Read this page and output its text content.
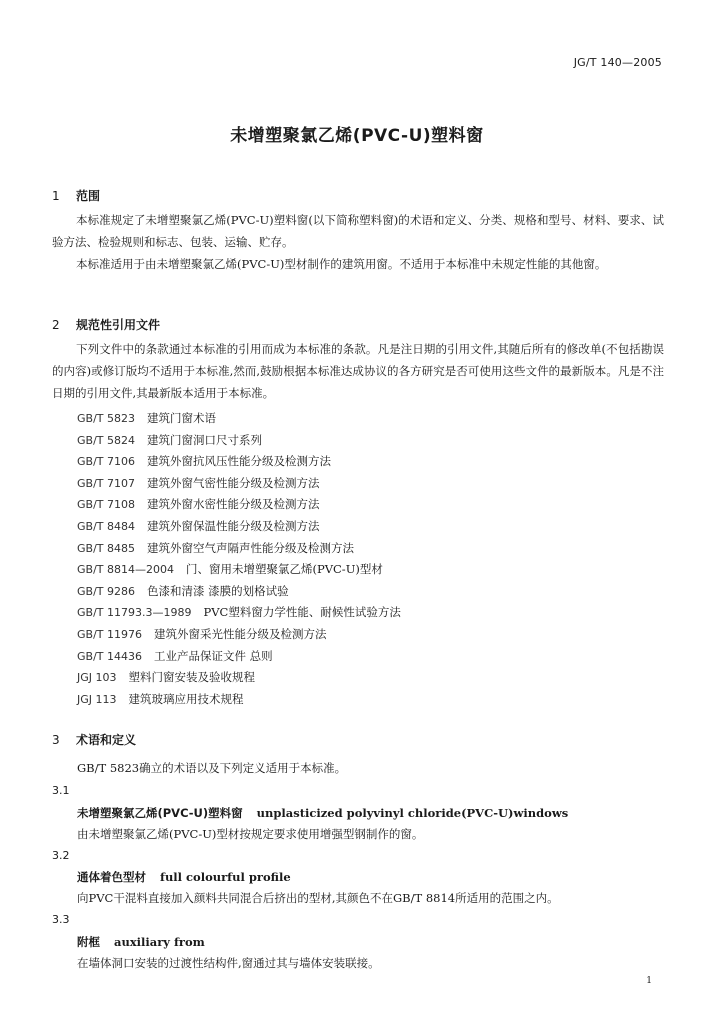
JG/T 140—2005
未增塑聚氯乙烯(PVC-U)塑料窗
1 范围
本标准规定了未增塑聚氯乙烯(PVC-U)塑料窗(以下简称塑料窗)的术语和定义、分类、规格和型号、材料、要求、试验方法、检验规则和标志、包装、运输、贮存。
本标准适用于由未增塑聚氯乙烯(PVC-U)型材制作的建筑用窗。不适用于本标准中未规定性能的其他窗。
2 规范性引用文件
下列文件中的条款通过本标准的引用而成为本标准的条款。凡是注日期的引用文件,其随后所有的修改单(不包括勘误的内容)或修订版均不适用于本标准,然而,鼓励根据本标准达成协议的各方研究是否可使用这些文件的最新版本。凡是不注日期的引用文件,其最新版本适用于本标准。
GB/T 5823 建筑门窗术语
GB/T 5824 建筑门窗洞口尺寸系列
GB/T 7106 建筑外窗抗风压性能分级及检测方法
GB/T 7107 建筑外窗气密性能分级及检测方法
GB/T 7108 建筑外窗水密性能分级及检测方法
GB/T 8484 建筑外窗保温性能分级及检测方法
GB/T 8485 建筑外窗空气声隔声性能分级及检测方法
GB/T 8814—2004 门、窗用未增塑聚氯乙烯(PVC-U)型材
GB/T 9286 色漆和清漆 漆膜的划格试验
GB/T 11793.3—1989 PVC塑料窗力学性能、耐候性试验方法
GB/T 11976 建筑外窗采光性能分级及检测方法
GB/T 14436 工业产品保证文件 总则
JGJ 103 塑料门窗安装及验收规程
JGJ 113 建筑玻璃应用技术规程
3 术语和定义
GB/T 5823确立的术语以及下列定义适用于本标准。
3.1
未增塑聚氯乙烯(PVC-U)塑料窗 unplasticized polyvinyl chloride(PVC-U)windows
由未增塑聚氯乙烯(PVC-U)型材按规定要求使用增强型钢制作的窗。
3.2
通体着色型材 full colourful profile
向PVC干混料直接加入颜料共同混合后挤出的型材,其颜色不在GB/T 8814所适用的范围之内。
3.3
附框 auxiliary from
在墙体洞口安装的过渡性结构件,窗通过其与墙体安装联接。
1
